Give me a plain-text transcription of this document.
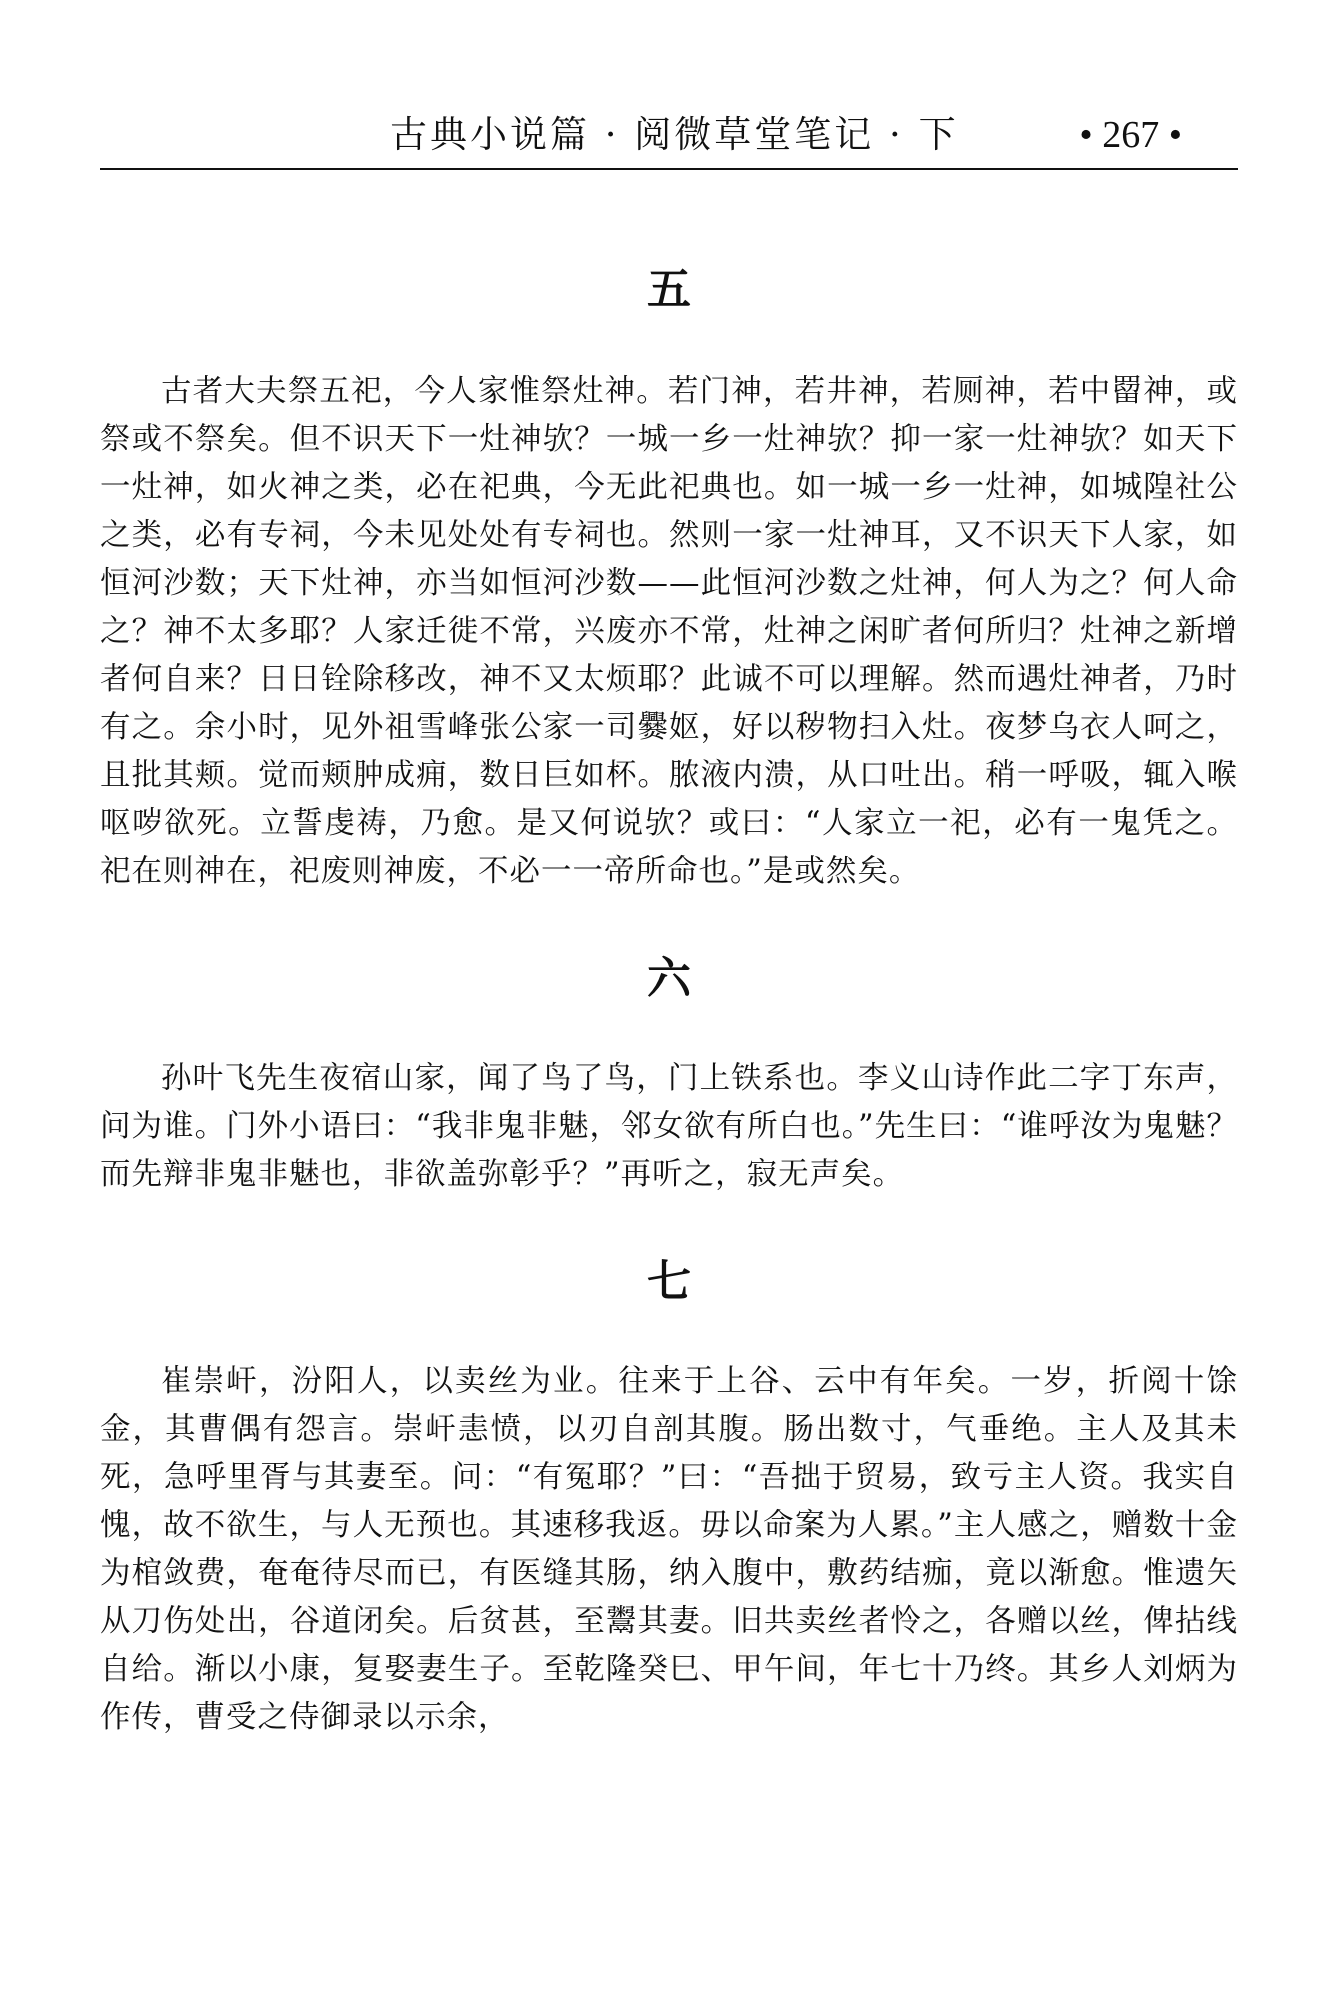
古典小说篇 · 阅微草堂笔记 · 下	• 267 •
五

古者大夫祭五祀，今人家惟祭灶神。若门神，若井神，若厕神，若中罶神，或祭或不祭矣。但不识天下一灶神欤？一城一乡一灶神欤？抑一家一灶神欤？如天下一灶神，如火神之类，必在祀典，今无此祀典也。如一城一乡一灶神，如城隍社公之类，必有专祠，今未见处处有专祠也。然则一家一灶神耳，又不识天下人家，如恒河沙数；天下灶神，亦当如恒河沙数——此恒河沙数之灶神，何人为之？何人命之？神不太多耶？人家迁徙不常，兴废亦不常，灶神之闲旷者何所归？灶神之新增者何自来？日日铨除移改，神不又太烦耶？此诚不可以理解。然而遇灶神者，乃时有之。余小时，见外祖雪峰张公家一司爨妪，好以秽物扫入灶。夜梦乌衣人呵之，且批其颊。觉而颊肿成痈，数日巨如杯。脓液内溃，从口吐出。稍一呼吸，辄入喉呕哕欲死。立誓虔祷，乃愈。是又何说欤？或曰：“人家立一祀，必有一鬼凭之。祀在则神在，祀废则神废，不必一一帝所命也。”是或然矣。

六

孙叶飞先生夜宿山家，闻了鸟了鸟，门上铁系也。李义山诗作此二字丁东声，问为谁。门外小语曰：“我非鬼非魅，邻女欲有所白也。”先生曰：“谁呼汝为鬼魅？而先辩非鬼非魅也，非欲盖弥彰乎？”再听之，寂无声矣。

七

崔崇屽，汾阳人，以卖丝为业。往来于上谷、云中有年矣。一岁，折阅十馀金，其曹偶有怨言。崇屽恚愤，以刃自剖其腹。肠出数寸，气垂绝。主人及其未死，急呼里胥与其妻至。问：“有冤耶？”曰：“吾拙于贸易，致亏主人资。我实自愧，故不欲生，与人无预也。其速移我返。毋以命案为人累。”主人感之，赠数十金为棺敛费，奄奄待尽而已，有医缝其肠，纳入腹中，敷药结痂，竟以渐愈。惟遗矢从刀伤处出，谷道闭矣。后贫甚，至鬻其妻。旧共卖丝者怜之，各赠以丝，俾拈线自给。渐以小康，复娶妻生子。至乾隆癸巳、甲午间，年七十乃终。其乡人刘炳为作传，曹受之侍御录以示余，
